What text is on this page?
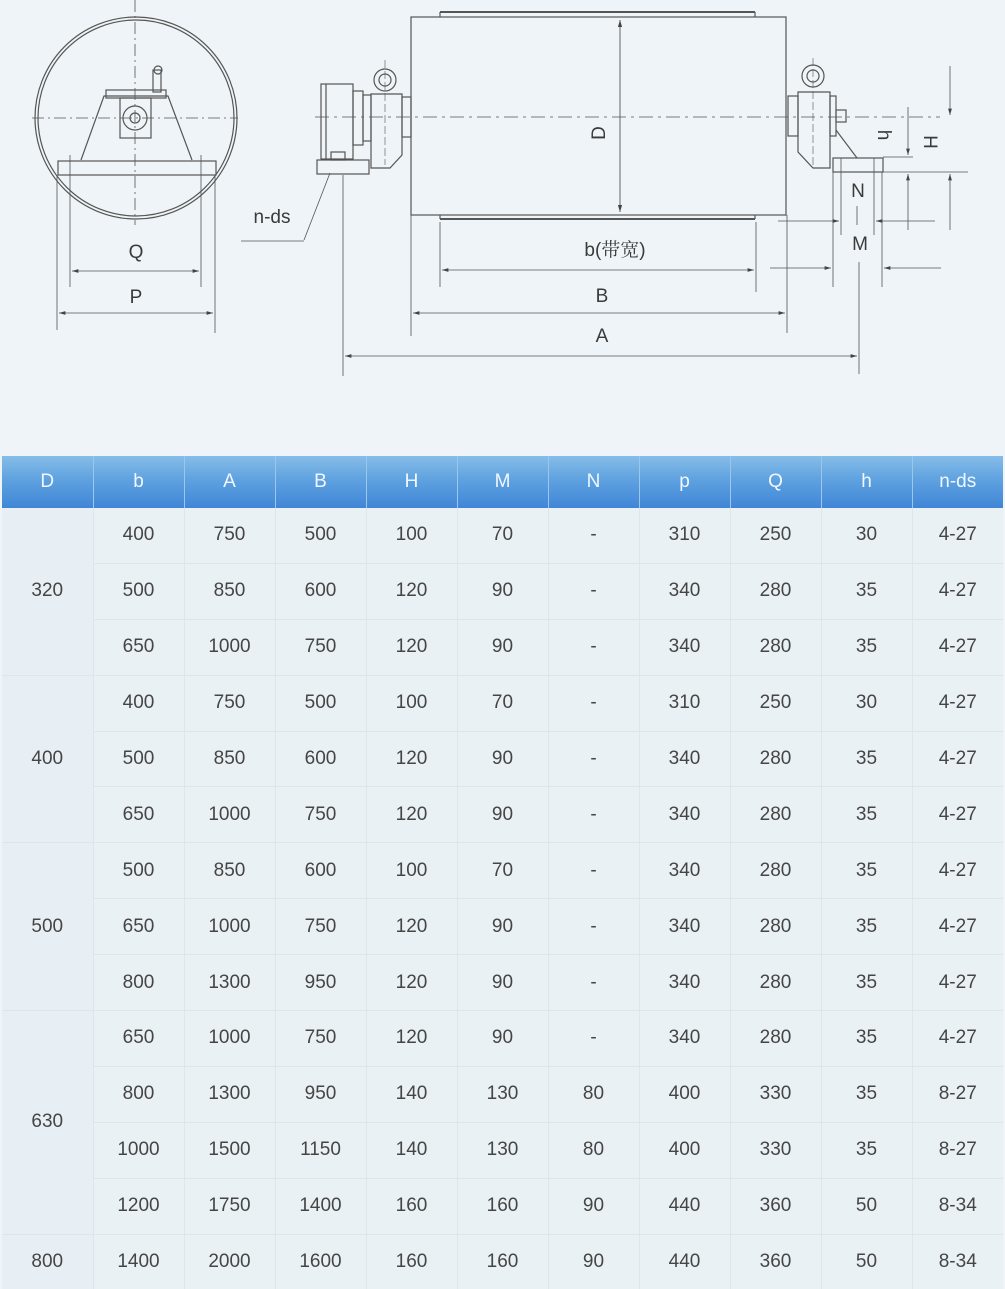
Q
P
n-ds
D
b(带宽)
B
A
h
H
N
M
D	b	A	B	H	M	N	p	Q	h	n-ds
320	400	750	500	100	70	-	310	250	30	4-27
	500	850	600	120	90	-	340	280	35	4-27
	650	1000	750	120	90	-	340	280	35	4-27
400	400	750	500	100	70	-	310	250	30	4-27
	500	850	600	120	90	-	340	280	35	4-27
	650	1000	750	120	90	-	340	280	35	4-27
500	500	850	600	100	70	-	340	280	35	4-27
	650	1000	750	120	90	-	340	280	35	4-27
	800	1300	950	120	90	-	340	280	35	4-27
630	650	1000	750	120	90	-	340	280	35	4-27
	800	1300	950	140	130	80	400	330	35	8-27
	1000	1500	1150	140	130	80	400	330	35	8-27
	1200	1750	1400	160	160	90	440	360	50	8-34
800	1400	2000	1600	160	160	90	440	360	50	8-34
